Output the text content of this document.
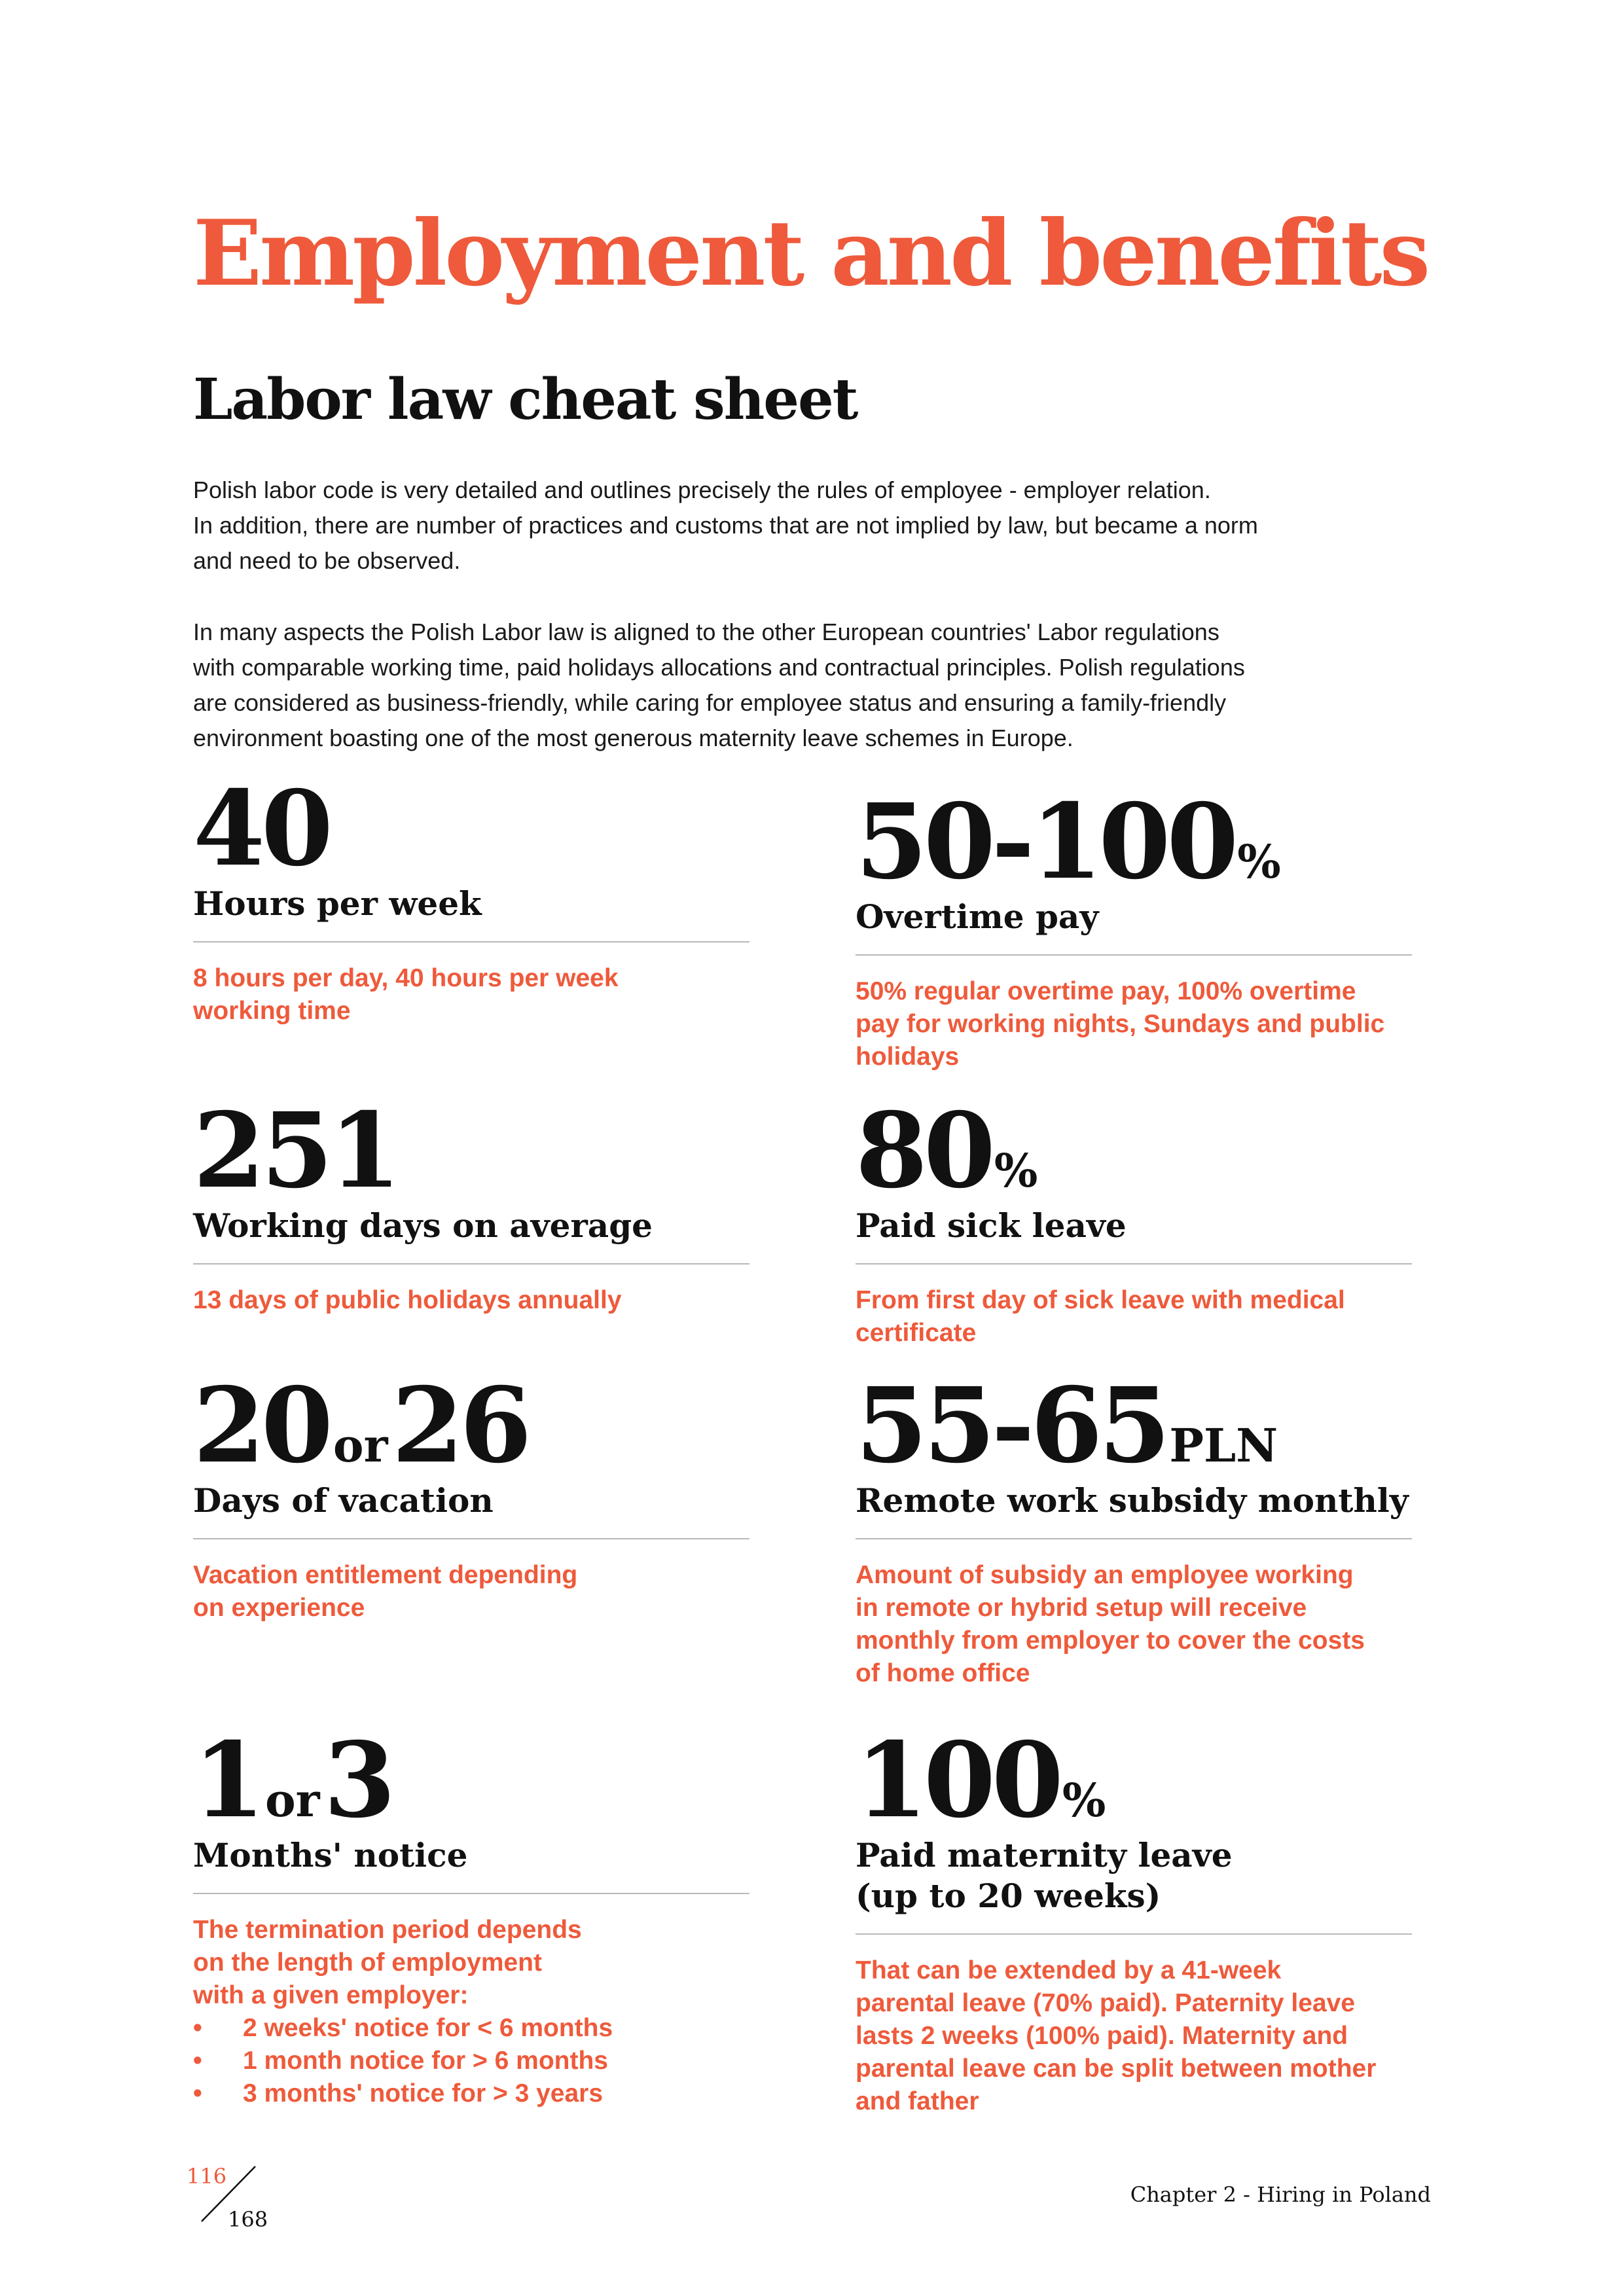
Employment and benefits
Labor law cheat sheet

Polish labor code is very detailed and outlines precisely the rules of employee - employer relation.
In addition, there are number of practices and customs that are not implied by law, but became a norm
and need to be observed.

In many aspects the Polish Labor law is aligned to the other European countries' Labor regulations
with comparable working time, paid holidays allocations and contractual principles. Polish regulations
are considered as business-friendly, while caring for employee status and ensuring a family-friendly
environment boasting one of the most generous maternity leave schemes in Europe.

40
Hours per week
8 hours per day, 40 hours per week
working time
50-100%
Overtime pay
50% regular overtime pay, 100% overtime
pay for working nights, Sundays and public
holidays
251
Working days on average
13 days of public holidays annually
80%
Paid sick leave
From first day of sick leave with medical
certificate
20or26
Days of vacation
Vacation entitlement depending
on experience
55-65PLN
Remote work subsidy monthly
Amount of subsidy an employee working
in remote or hybrid setup will receive
monthly from employer to cover the costs
of home office
1or3
Months' notice
The termination period depends
on the length of employment
with a given employer:
• 2 weeks' notice for < 6 months
• 1 month notice for > 6 months
• 3 months' notice for > 3 years
100%
Paid maternity leave
(up to 20 weeks)
That can be extended by a 41-week
parental leave (70% paid). Paternity leave
lasts 2 weeks (100% paid). Maternity and
parental leave can be split between mother
and father
116
168
Chapter 2 - Hiring in Poland
